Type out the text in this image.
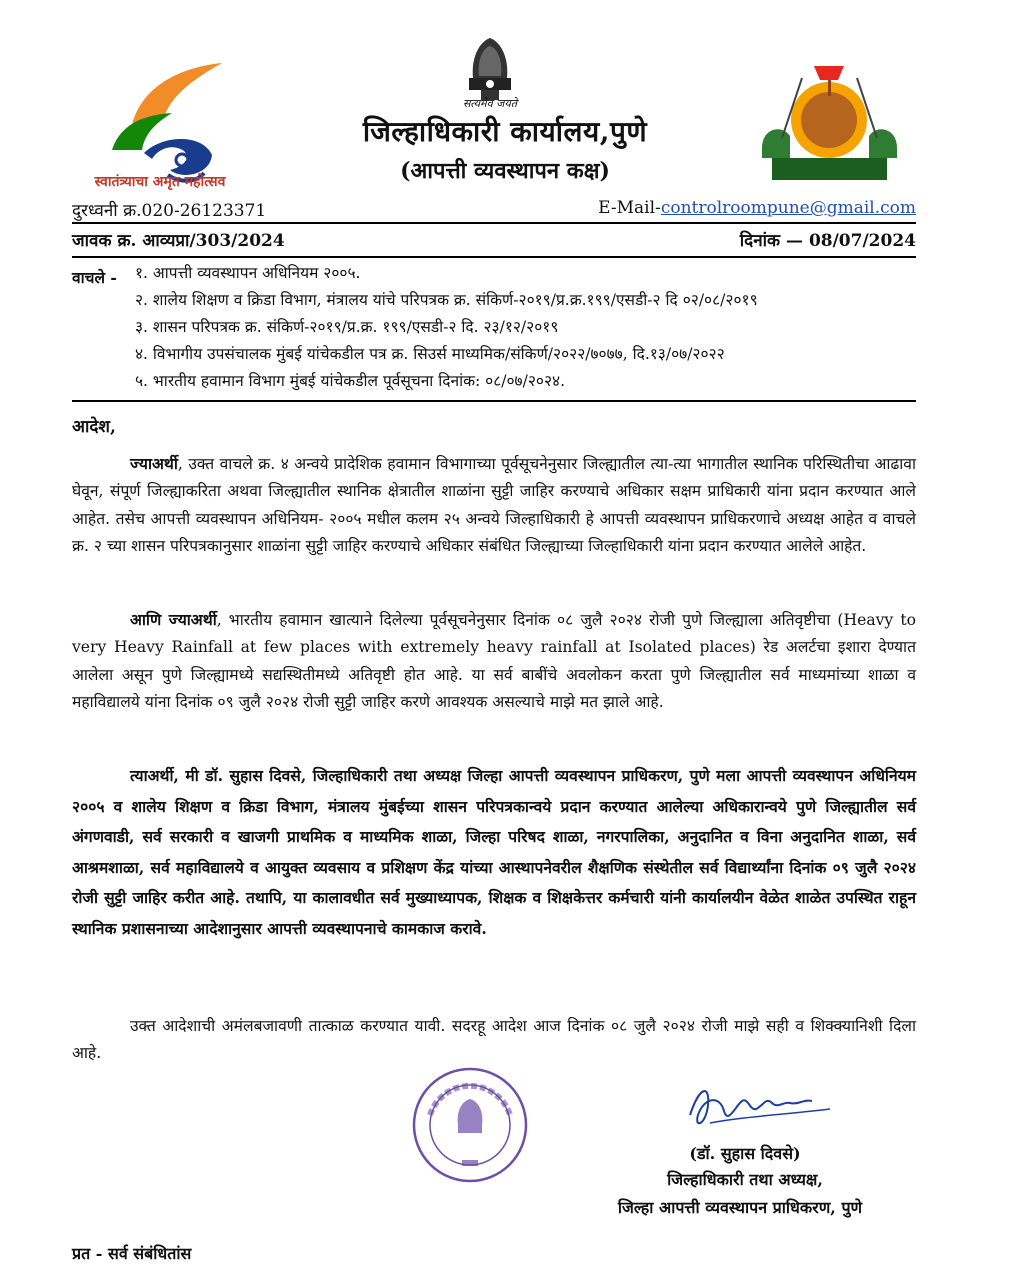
स्वातंत्र्याचा अमृत महोत्सव
सत्यमेव जयते
जिल्हाधिकारी कार्यालय,पुणे
(आपत्ती व्यवस्थापन कक्ष)
दुरध्वनी क्र.020-26123371	E-Mail-controlroompune@gmail.com
जावक क्र. आव्यप्रा/303/2024	दिनांक — 08/07/2024
वाचले - १. आपत्ती व्यवस्थापन अधिनियम २००५.
२. शालेय शिक्षण व क्रिडा विभाग, मंत्रालय यांचे परिपत्रक क्र. संकिर्ण-२०१९/प्र.क्र.१९९/एसडी-२ दि ०२/०८/२०१९
३. शासन परिपत्रक क्र. संकिर्ण-२०१९/प्र.क्र. १९९/एसडी-२ दि. २३/१२/२०१९
४. विभागीय उपसंचालक मुंबई यांचेकडील पत्र क्र. सिउर्स माध्यमिक/संकिर्ण/२०२२/७०७७, दि.१३/०७/२०२२
५. भारतीय हवामान विभाग मुंबई यांचेकडील पूर्वसूचना दिनांक: ०८/०७/२०२४.
आदेश,
ज्याअर्थी, उक्त वाचले क्र. ४ अन्वये प्रादेशिक हवामान विभागाच्या पूर्वसूचनेनुसार जिल्ह्यातील त्या-त्या भागातील स्थानिक परिस्थितीचा आढावा घेवून, संपूर्ण जिल्ह्याकरिता अथवा जिल्ह्यातील स्थानिक क्षेत्रातील शाळांना सुट्टी जाहिर करण्याचे अधिकार सक्षम प्राधिकारी यांना प्रदान करण्यात आले आहेत. तसेच आपत्ती व्यवस्थापन अधिनियम- २००५ मधील कलम २५ अन्वये जिल्हाधिकारी हे आपत्ती व्यवस्थापन प्राधिकरणाचे अध्यक्ष आहेत व वाचले क्र. २ च्या शासन परिपत्रकानुसार शाळांना सुट्टी जाहिर करण्याचे अधिकार संबंधित जिल्ह्याच्या जिल्हाधिकारी यांना प्रदान करण्यात आलेले आहेत.
आणि ज्याअर्थी, भारतीय हवामान खात्याने दिलेल्या पूर्वसूचनेनुसार दिनांक ०८ जुलै २०२४ रोजी पुणे जिल्ह्याला अतिवृष्टीचा (Heavy to very Heavy Rainfall at few places with extremely heavy rainfall at Isolated places) रेड अलर्टचा इशारा देण्यात आलेला असून पुणे जिल्ह्यामध्ये सद्यस्थितीमध्ये अतिवृष्टी होत आहे. या सर्व बाबींचे अवलोकन करता पुणे जिल्ह्यातील सर्व माध्यमांच्या शाळा व महाविद्यालये यांना दिनांक ०९ जुलै २०२४ रोजी सुट्टी जाहिर करणे आवश्यक असल्याचे माझे मत झाले आहे.
त्याअर्थी, मी डॉ. सुहास दिवसे, जिल्हाधिकारी तथा अध्यक्ष जिल्हा आपत्ती व्यवस्थापन प्राधिकरण, पुणे मला आपत्ती व्यवस्थापन अधिनियम २००५ व शालेय शिक्षण व क्रिडा विभाग, मंत्रालय मुंबईच्या शासन परिपत्रकान्वये प्रदान करण्यात आलेल्या अधिकारान्वये पुणे जिल्ह्यातील सर्व अंगणवाडी, सर्व सरकारी व खाजगी प्राथमिक व माध्यमिक शाळा, जिल्हा परिषद शाळा, नगरपालिका, अनुदानित व विना अनुदानित शाळा, सर्व आश्रमशाळा, सर्व महाविद्यालये व आयुक्त व्यवसाय व प्रशिक्षण केंद्र यांच्या आस्थापनेवरील शैक्षणिक संस्थेतील सर्व विद्यार्थ्यांना दिनांक ०९ जुलै २०२४ रोजी सुट्टी जाहिर करीत आहे. तथापि, या कालावधीत सर्व मुख्याध्यापक, शिक्षक व शिक्षकेत्तर कर्मचारी यांनी कार्यालयीन वेळेत शाळेत उपस्थित राहून स्थानिक प्रशासनाच्या आदेशानुसार आपत्ती व्यवस्थापनाचे कामकाज करावे.
उक्त आदेशाची अमंलबजावणी तात्काळ करण्यात यावी. सदरहू आदेश आज दिनांक ०८ जुलै २०२४ रोजी माझे सही व शिक्क्यानिशी दिला आहे.
(डॉ. सुहास दिवसे)
जिल्हाधिकारी तथा अध्यक्ष,
जिल्हा आपत्ती व्यवस्थापन प्राधिकरण, पुणे
प्रत - सर्व संबंधितांस
